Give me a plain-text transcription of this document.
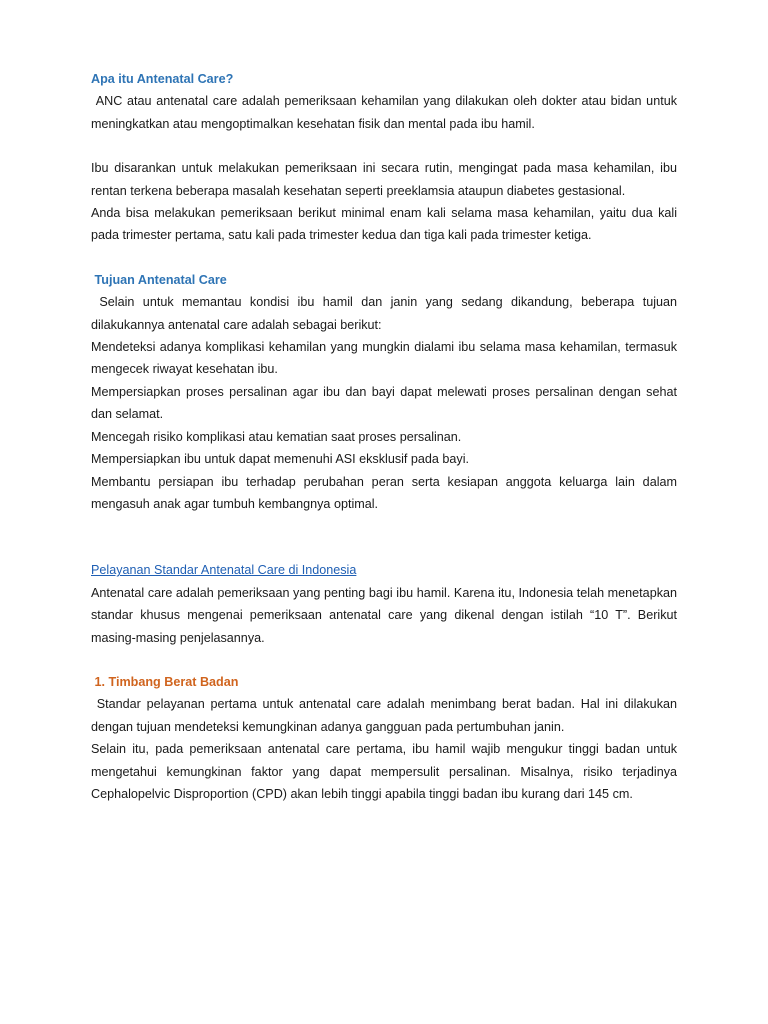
Apa itu Antenatal Care?

ANC atau antenatal care adalah pemeriksaan kehamilan yang dilakukan oleh dokter atau bidan untuk meningkatkan atau mengoptimalkan kesehatan fisik dan mental pada ibu hamil.

Ibu disarankan untuk melakukan pemeriksaan ini secara rutin, mengingat pada masa kehamilan, ibu rentan terkena beberapa masalah kesehatan seperti preeklamsia ataupun diabetes gestasional.

Anda bisa melakukan pemeriksaan berikut minimal enam kali selama masa kehamilan, yaitu dua kali pada trimester pertama, satu kali pada trimester kedua dan tiga kali pada trimester ketiga.

Tujuan Antenatal Care

Selain untuk memantau kondisi ibu hamil dan janin yang sedang dikandung, beberapa tujuan dilakukannya antenatal care adalah sebagai berikut:

Mendeteksi adanya komplikasi kehamilan yang mungkin dialami ibu selama masa kehamilan, termasuk mengecek riwayat kesehatan ibu.

Mempersiapkan proses persalinan agar ibu dan bayi dapat melewati proses persalinan dengan sehat dan selamat.

Mencegah risiko komplikasi atau kematian saat proses persalinan.

Mempersiapkan ibu untuk dapat memenuhi ASI eksklusif pada bayi.

Membantu persiapan ibu terhadap perubahan peran serta kesiapan anggota keluarga lain dalam mengasuh anak agar tumbuh kembangnya optimal.

Pelayanan Standar Antenatal Care di Indonesia

Antenatal care adalah pemeriksaan yang penting bagi ibu hamil. Karena itu, Indonesia telah menetapkan standar khusus mengenai pemeriksaan antenatal care yang dikenal dengan istilah “10 T”. Berikut masing-masing penjelasannya.

1. Timbang Berat Badan

Standar pelayanan pertama untuk antenatal care adalah menimbang berat badan. Hal ini dilakukan dengan tujuan mendeteksi kemungkinan adanya gangguan pada pertumbuhan janin.

Selain itu, pada pemeriksaan antenatal care pertama, ibu hamil wajib mengukur tinggi badan untuk mengetahui kemungkinan faktor yang dapat mempersulit persalinan. Misalnya, risiko terjadinya Cephalopelvic Disproportion (CPD) akan lebih tinggi apabila tinggi badan ibu kurang dari 145 cm.
